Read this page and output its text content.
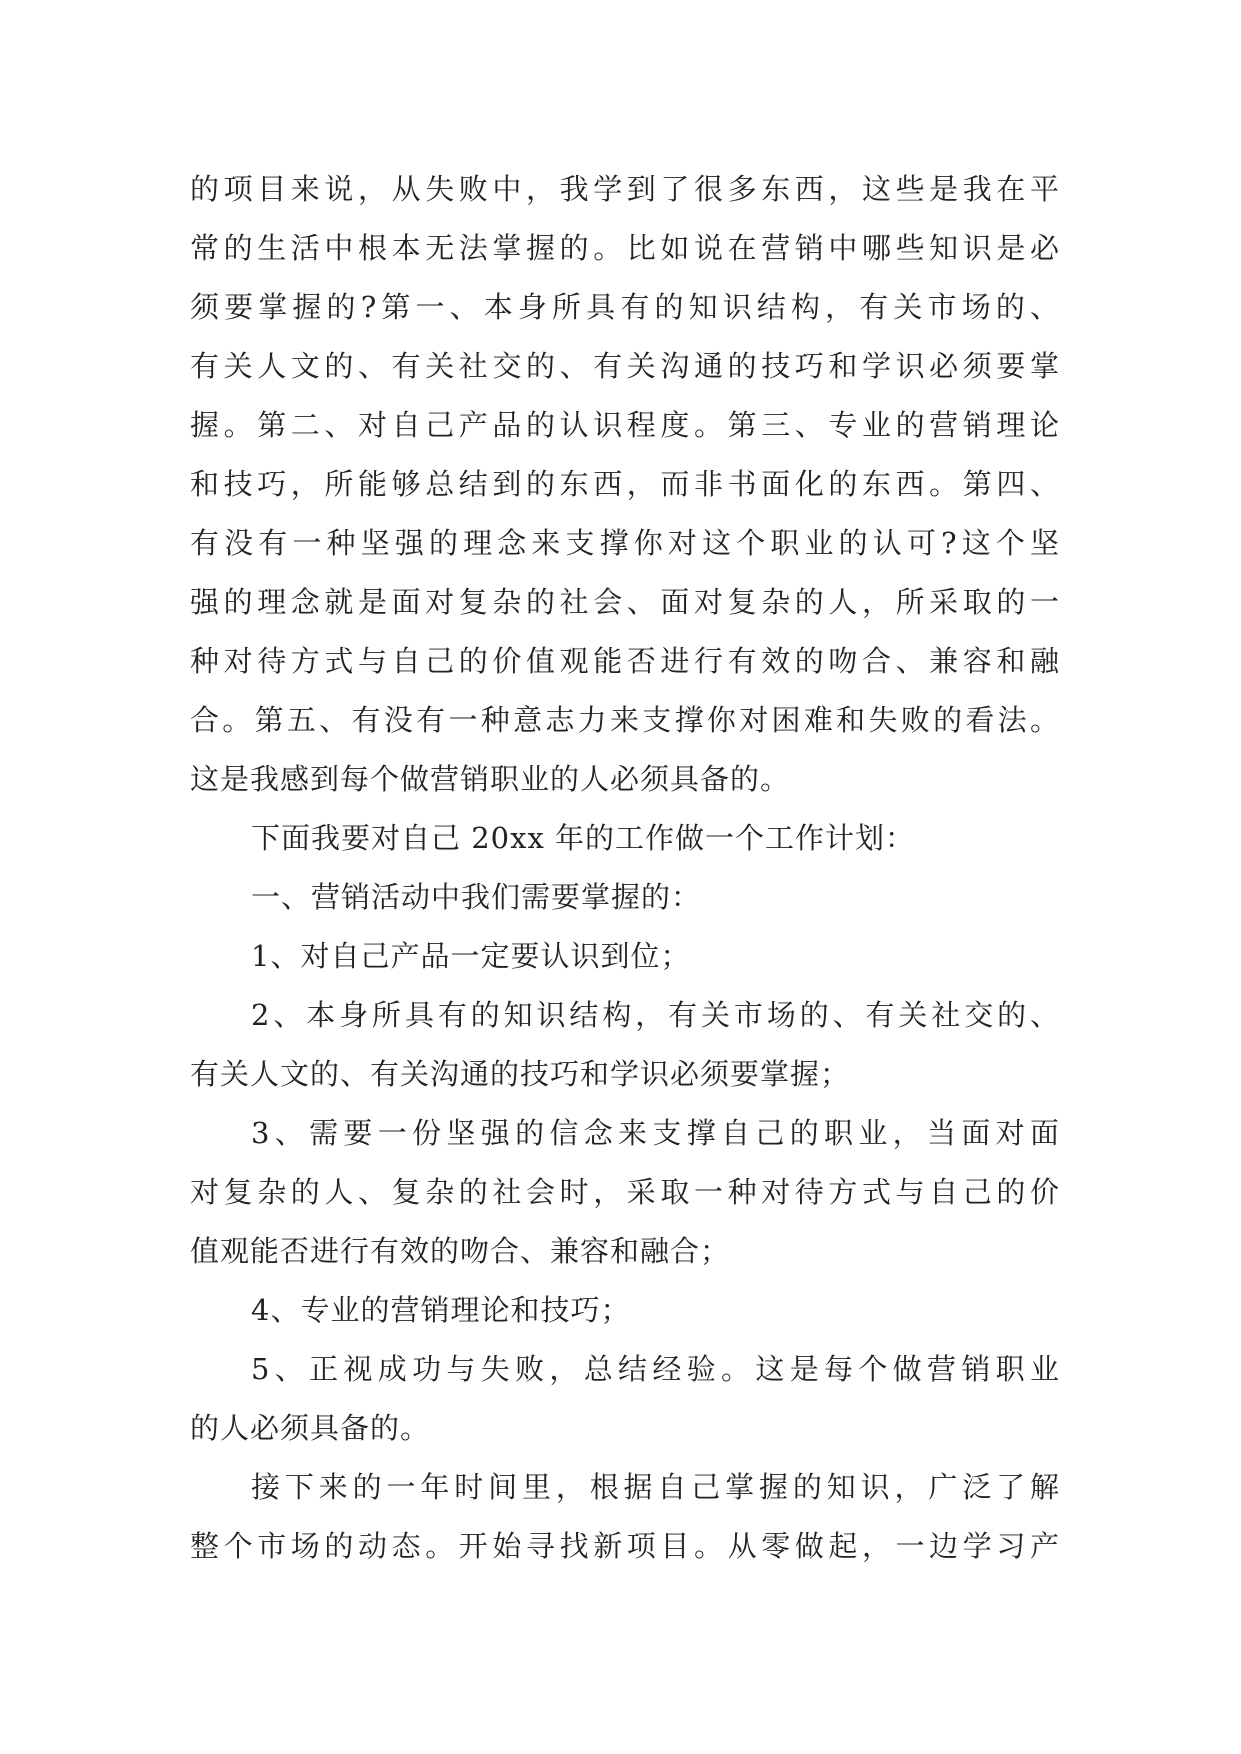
的项目来说，从失败中，我学到了很多东西，这些是我在平
常的生活中根本无法掌握的。比如说在营销中哪些知识是必
须要掌握的?第一、本身所具有的知识结构，有关市场的、
有关人文的、有关社交的、有关沟通的技巧和学识必须要掌
握。第二、对自己产品的认识程度。第三、专业的营销理论
和技巧，所能够总结到的东西，而非书面化的东西。第四、
有没有一种坚强的理念来支撑你对这个职业的认可?这个坚
强的理念就是面对复杂的社会、面对复杂的人，所采取的一
种对待方式与自己的价值观能否进行有效的吻合、兼容和融
合。第五、有没有一种意志力来支撑你对困难和失败的看法。
这是我感到每个做营销职业的人必须具备的。
下面我要对自己 20xx 年的工作做一个工作计划：
一、营销活动中我们需要掌握的：
1、对自己产品一定要认识到位；
2、本身所具有的知识结构，有关市场的、有关社交的、
有关人文的、有关沟通的技巧和学识必须要掌握；
3、需要一份坚强的信念来支撑自己的职业，当面对面
对复杂的人、复杂的社会时，采取一种对待方式与自己的价
值观能否进行有效的吻合、兼容和融合；
4、专业的营销理论和技巧；
5、正视成功与失败，总结经验。这是每个做营销职业
的人必须具备的。
接下来的一年时间里，根据自己掌握的知识，广泛了解
整个市场的动态。开始寻找新项目。从零做起，一边学习产
